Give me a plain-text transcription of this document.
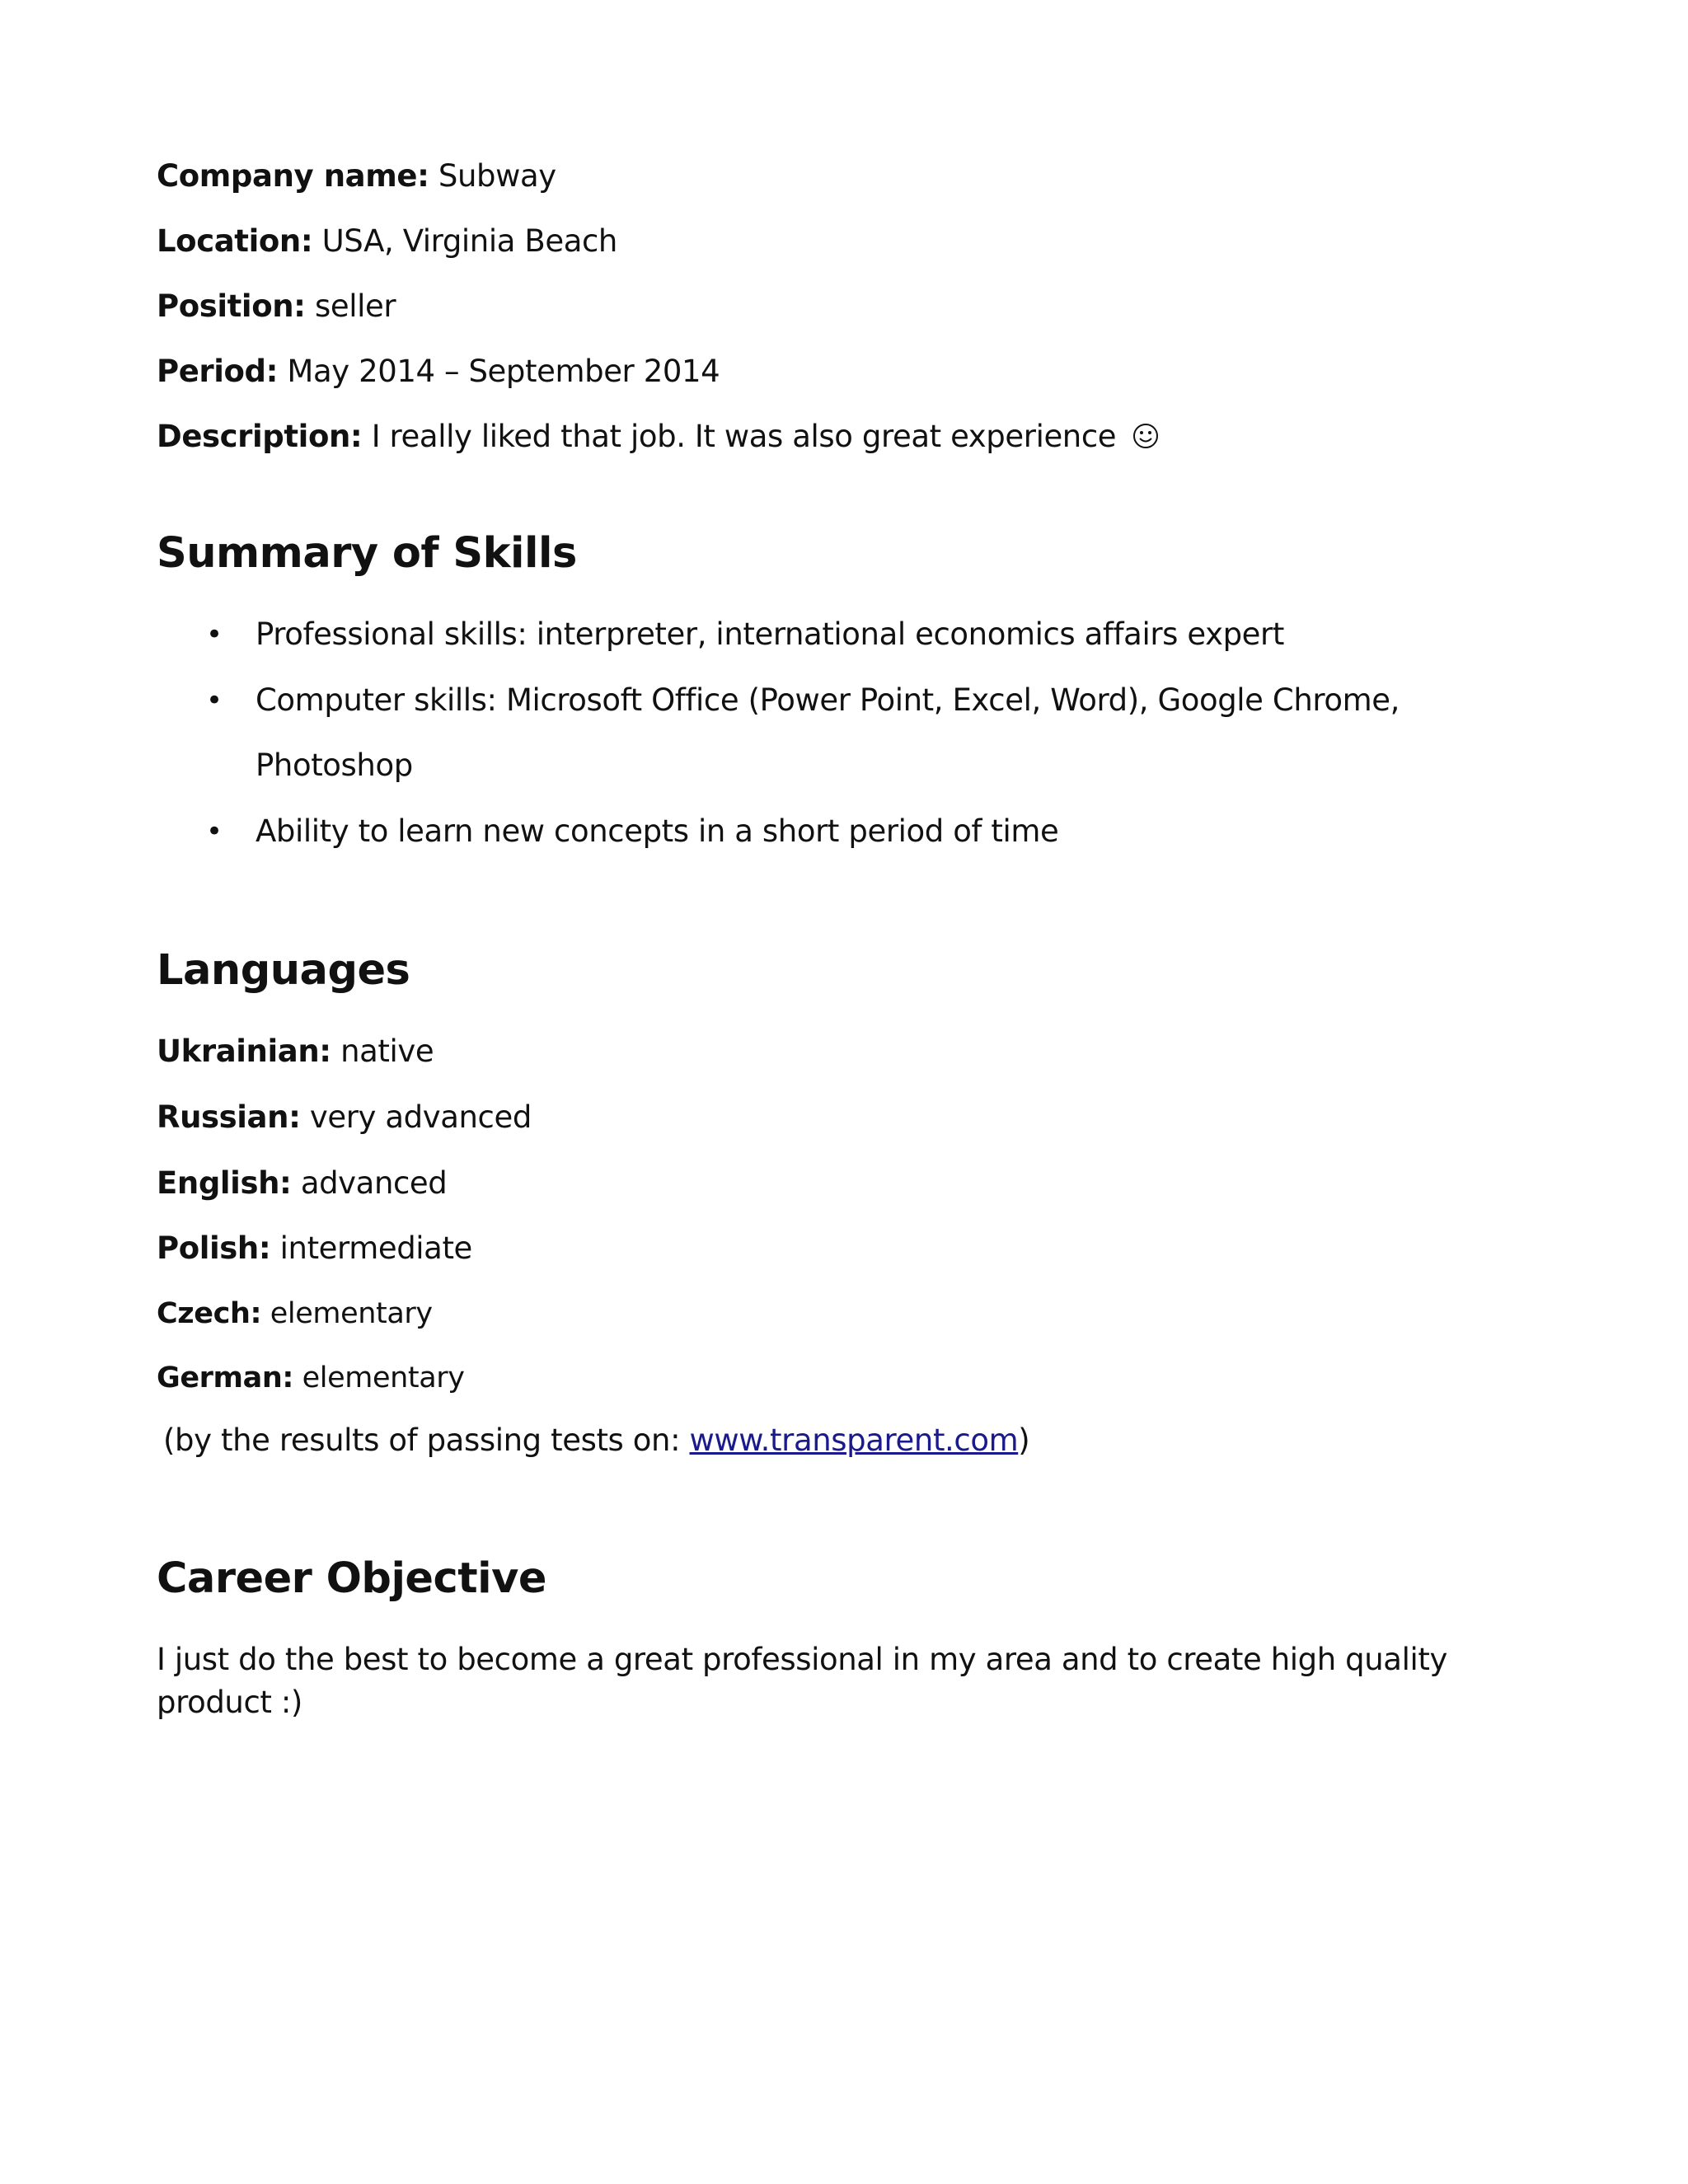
Company name: Subway
Location: USA, Virginia Beach
Position: seller
Period: May 2014 – September 2014
Description: I really liked that job. It was also great experience
Summary of Skills
• Professional skills: interpreter, international economics affairs expert
• Computer skills: Microsoft Office (Power Point, Excel, Word), Google Chrome,
Photoshop
• Ability to learn new concepts in a short period of time
Languages
Ukrainian: native
Russian: very advanced
English: advanced
Polish: intermediate
Czech: elementary
German: elementary
(by the results of passing tests on: www.transparent.com)
Career Objective
I just do the best to become a great professional in my area and to create high quality
product :)
